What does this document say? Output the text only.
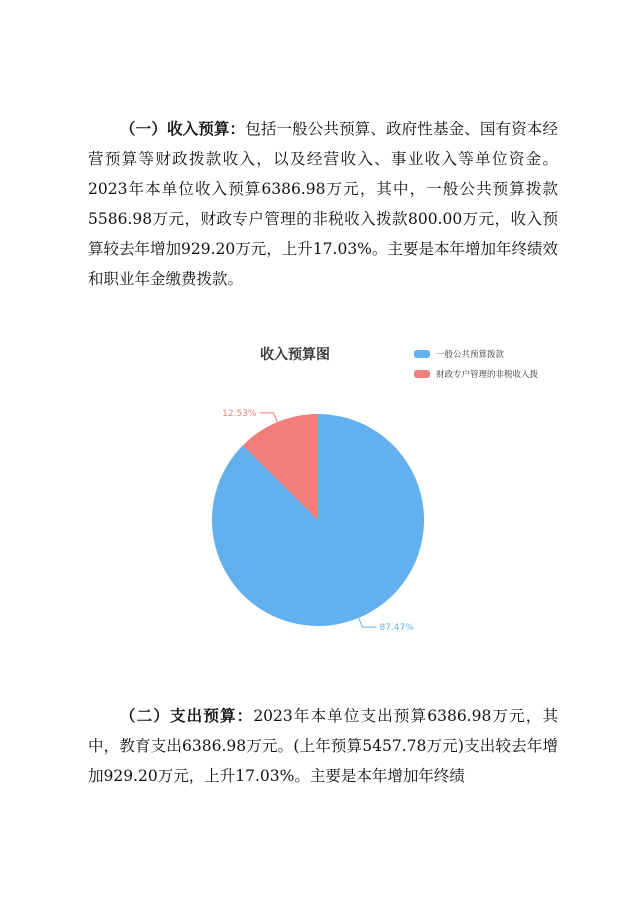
（一）收入预算：包括一般公共预算、政府性基金、国有资本经营预算等财政拨款收入，以及经营收入、事业收入等单位资金。2023年本单位收入预算6386.98万元，其中，一般公共预算拨款5586.98万元，财政专户管理的非税收入拨款800.00万元，收入预算较去年增加929.20万元，上升17.03%。主要是本年增加年终绩效和职业年金缴费拨款。

收入预算图	一般公共预算拨款
财政专户管理的非税收入拨
87.47%
12.53%

（二）支出预算：2023年本单位支出预算6386.98万元，其中，教育支出6386.98万元。(上年预算5457.78万元)支出较去年增加929.20万元，上升17.03%。主要是本年增加年终绩
